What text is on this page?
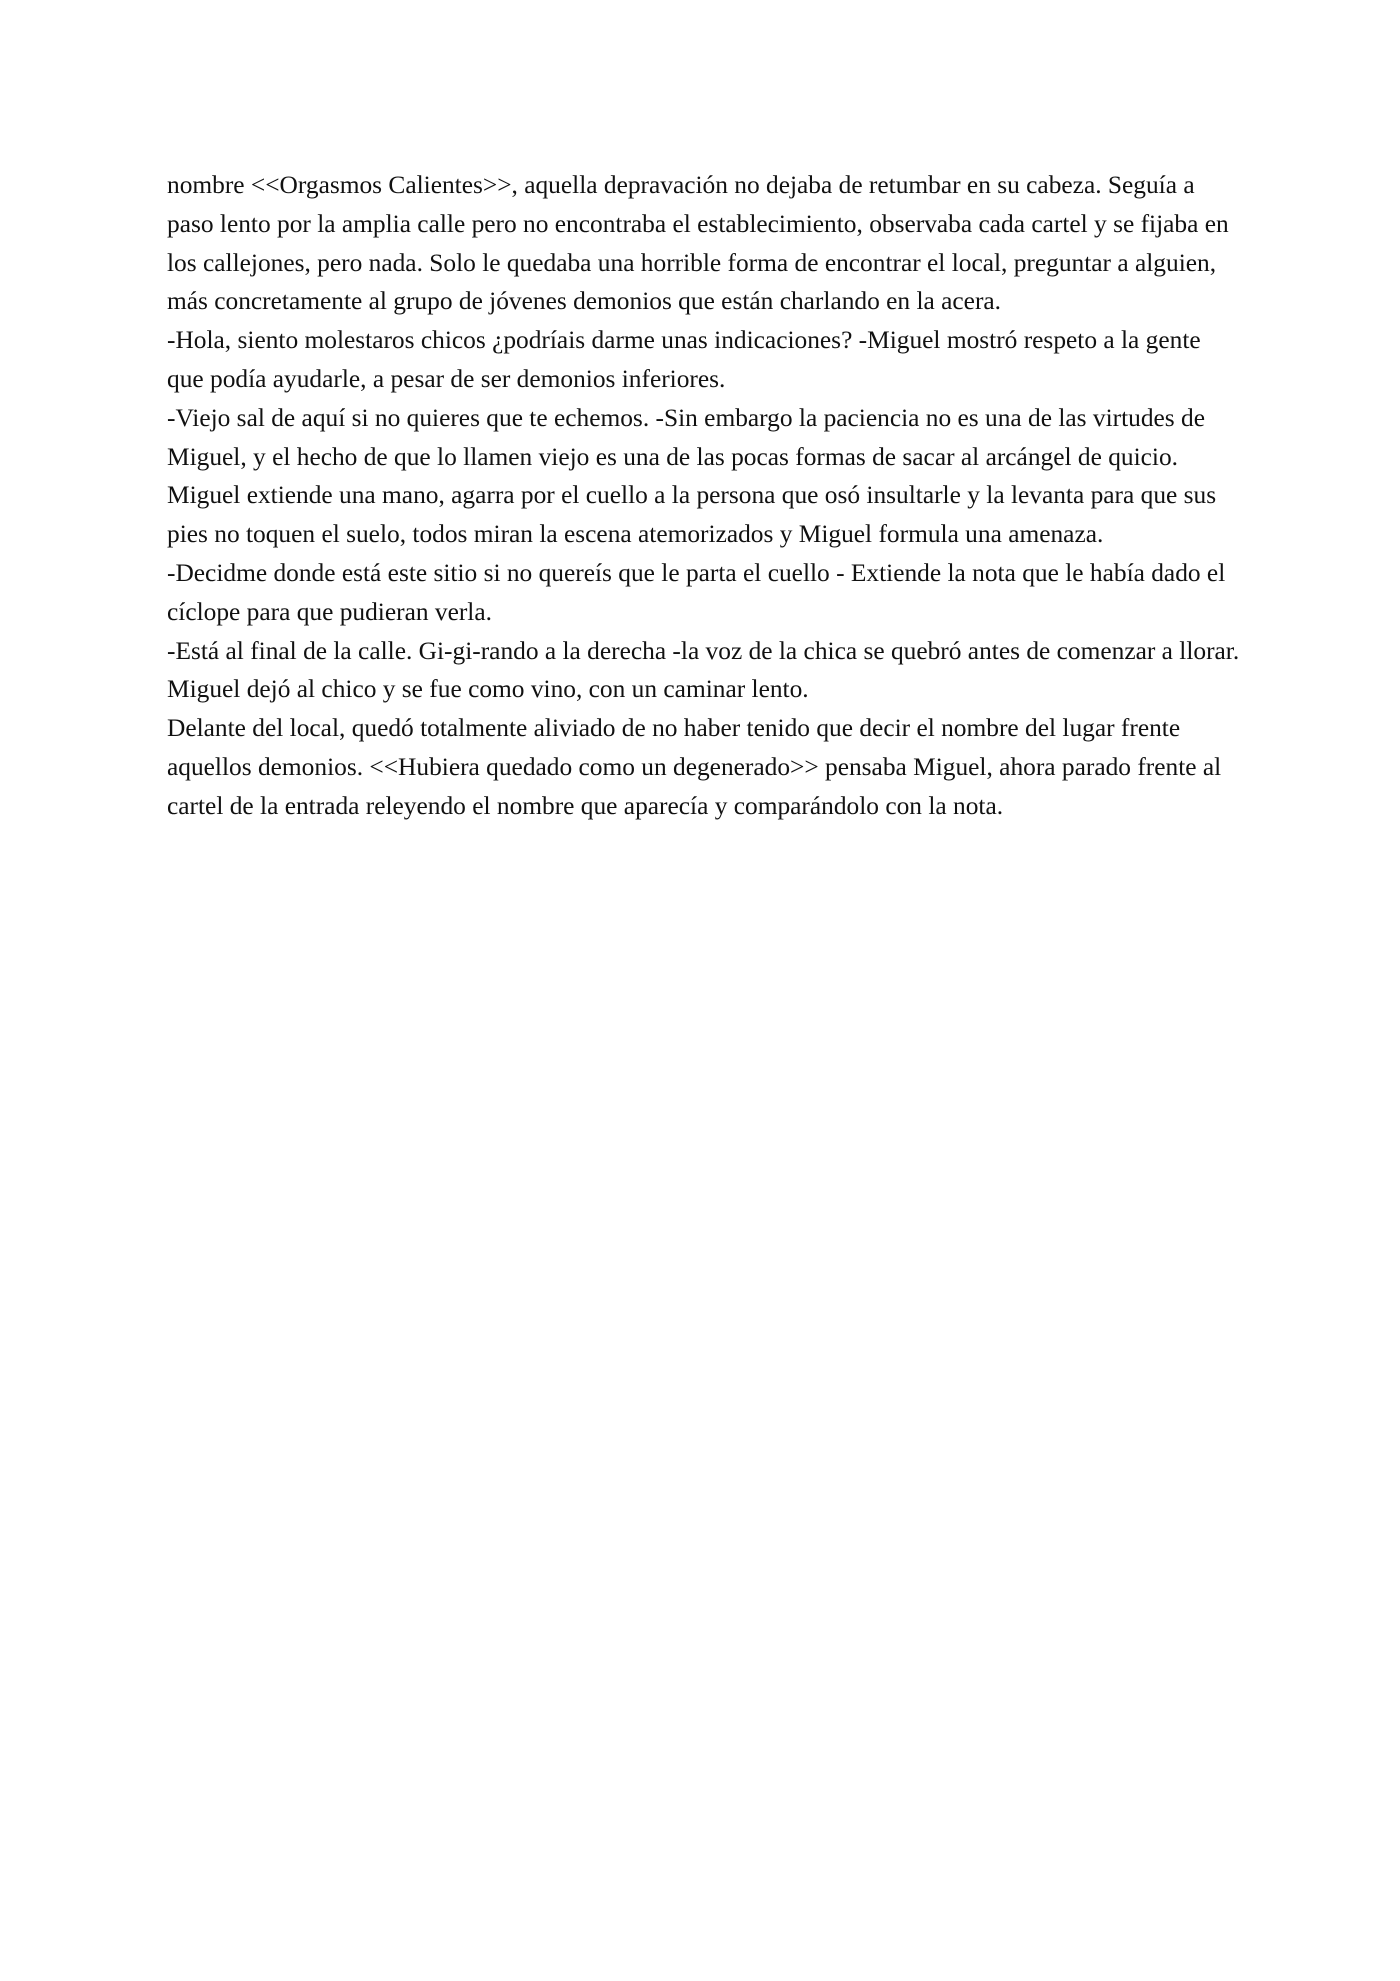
nombre <<Orgasmos Calientes>>, aquella depravación no dejaba de retumbar en su cabeza. Seguía a paso lento por la amplia calle pero no encontraba el establecimiento, observaba cada cartel y se fijaba en los callejones, pero nada. Solo le quedaba una horrible forma de encontrar el local, preguntar a alguien, más concretamente al grupo de jóvenes demonios que están charlando en la acera.

-Hola, siento molestaros chicos ¿podríais darme unas indicaciones? -Miguel mostró respeto a la gente que podía ayudarle, a pesar de ser demonios inferiores.

-Viejo sal de aquí si no quieres que te echemos. -Sin embargo la paciencia no es una de las virtudes de Miguel, y el hecho de que lo llamen viejo es una de las pocas formas de sacar al arcángel de quicio. Miguel extiende una mano, agarra por el cuello a la persona que osó insultarle y la levanta para que sus pies no toquen el suelo, todos miran la escena atemorizados y Miguel formula una amenaza.

-Decidme donde está este sitio si no quereís que le parta el cuello - Extiende la nota que le había dado el cíclope para que pudieran verla.

-Está al final de la calle. Gi-gi-rando a la derecha -la voz de la chica se quebró antes de comenzar a llorar. Miguel dejó al chico y se fue como vino, con un caminar lento.

Delante del local, quedó totalmente aliviado de no haber tenido que decir el nombre del lugar frente aquellos demonios. <<Hubiera quedado como un degenerado>> pensaba Miguel, ahora parado frente al cartel de la entrada releyendo el nombre que aparecía y comparándolo con la nota.
